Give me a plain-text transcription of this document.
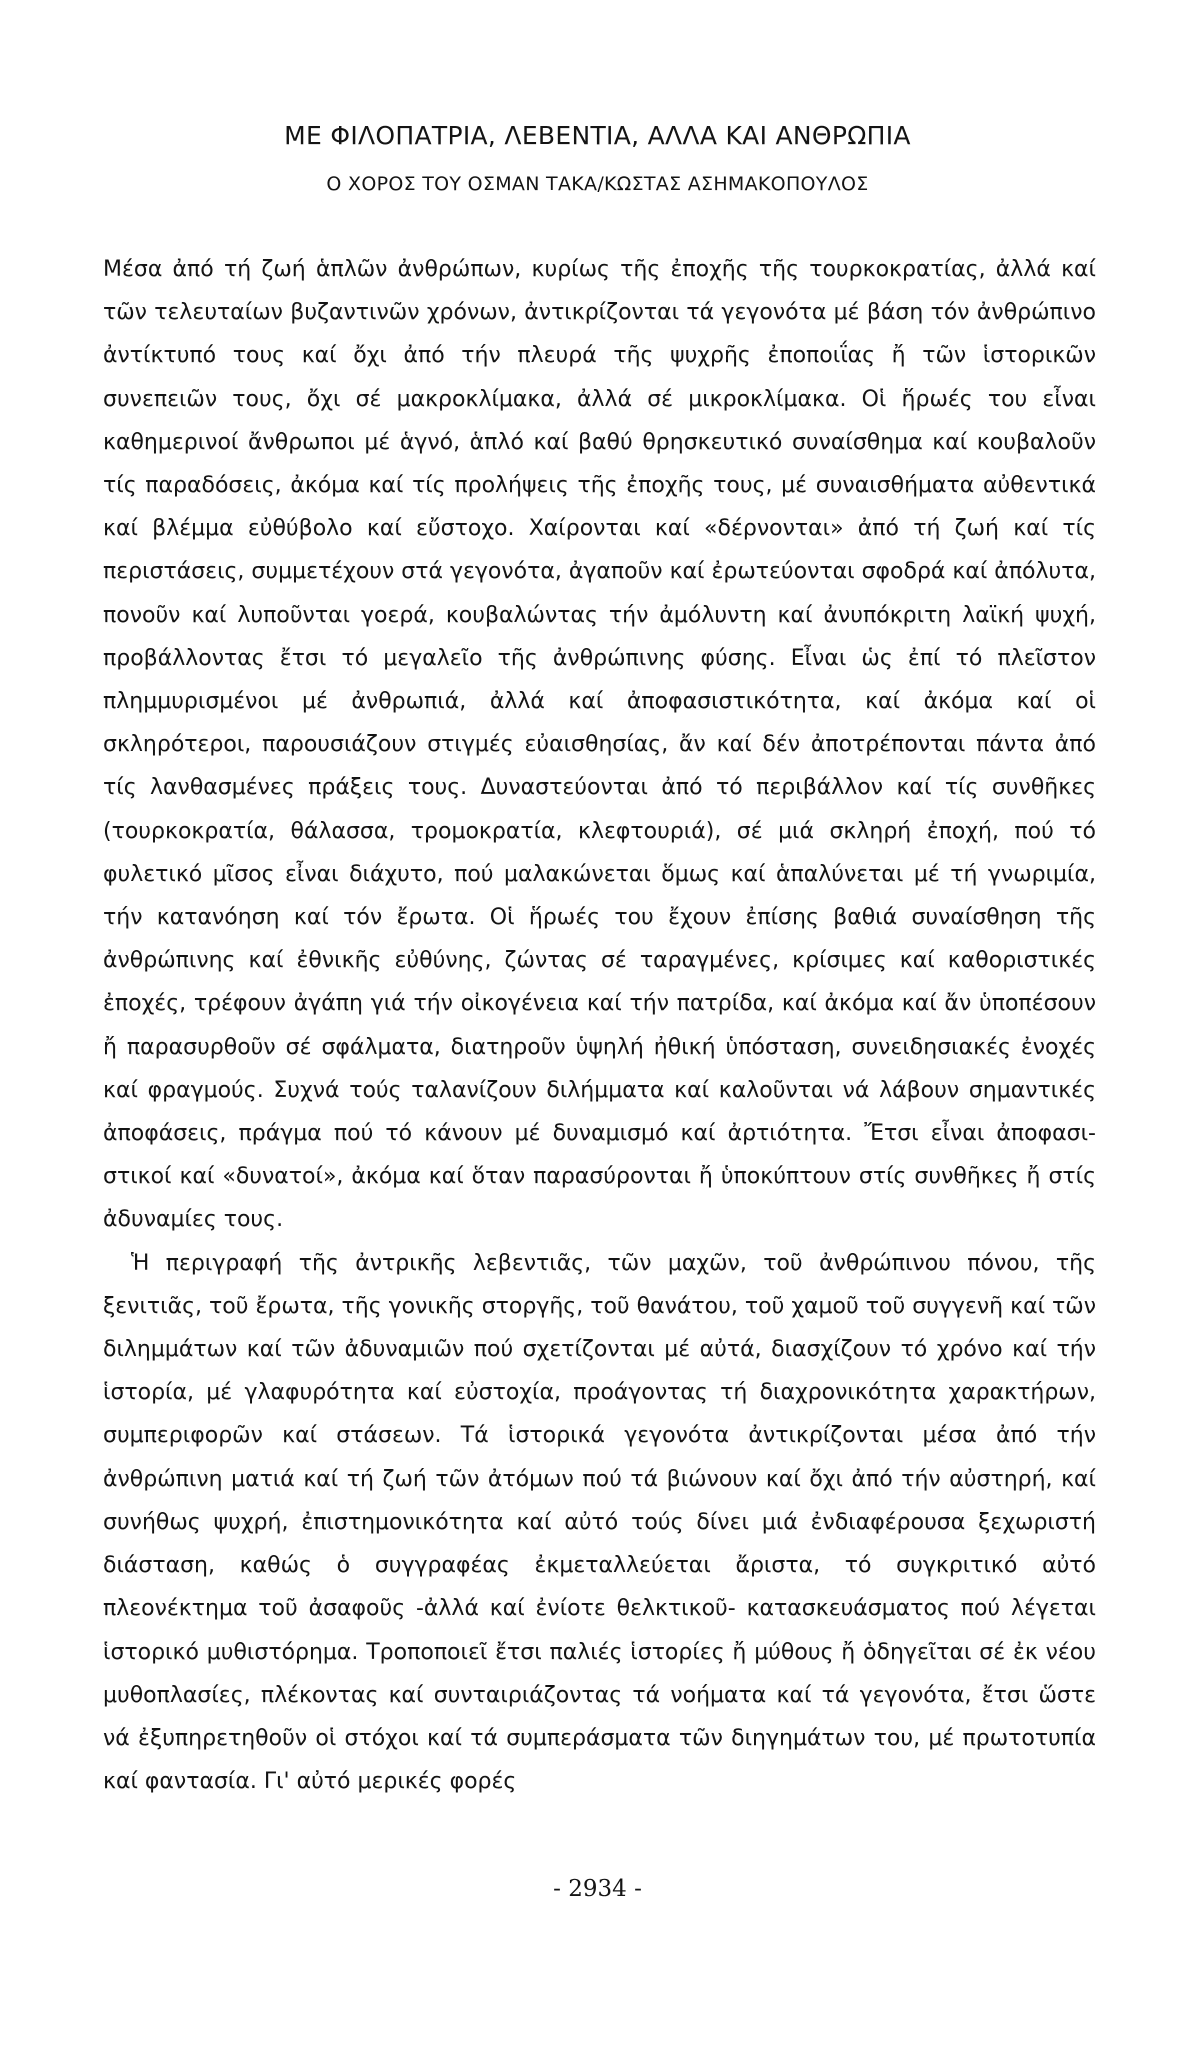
ΜΕ ΦΙΛΟΠΑΤΡΙΑ, ΛΕΒΕΝΤΙΑ, ΑΛΛΑ ΚΑΙ ΑΝΘΡΩΠΙΑ
Ο ΧΟΡΟΣ ΤΟΥ ΟΣΜΑΝ ΤΑΚΑ/ΚΩΣΤΑΣ ΑΣΗΜΑΚΟΠΟΥΛΟΣ

Μέσα ἀπό τή ζωή ἁπλῶν ἀνθρώπων, κυρίως τῆς ἐποχῆς τῆς τουρκοκρατίας, ἀλλά καί τῶν τελευταίων βυζαντινῶν χρόνων, ἀντικρίζονται τά γεγονότα μέ βάση τόν ἀνθρώπινο ἀντίκτυπό τους καί ὄχι ἀπό τήν πλευρά τῆς ψυχρῆς ἐποποιΐας ἤ τῶν ἱστορικῶν συνεπειῶν τους, ὄχι σέ μακροκλίμακα, ἀλλά σέ μικροκλίμακα. Οἱ ἥρωές του εἶναι καθημερινοί ἄνθρωποι μέ ἁγνό, ἁπλό καί βαθύ θρησκευτικό συναίσθημα καί κουβαλοῦν τίς παραδόσεις, ἀκόμα καί τίς προλήψεις τῆς ἐποχῆς τους, μέ συναισθήματα αὐθεντικά καί βλέμμα εὐθύβολο καί εὔστοχο. Χαίρονται καί «δέρνονται» ἀπό τή ζωή καί τίς περιστάσεις, συμμετέχουν στά γεγονότα, ἀγαποῦν καί ἐρωτεύονται σφοδρά καί ἀπόλυτα, πονοῦν καί λυποῦνται γοερά, κουβαλώντας τήν ἀμόλυντη καί ἀνυπόκριτη λαϊκή ψυχή, προβάλλοντας ἔτσι τό μεγαλεῖο τῆς ἀνθρώπινης φύσης. Εἶναι ὡς ἐπί τό πλεῖστον πλημμυρισμένοι μέ ἀνθρωπιά, ἀλλά καί ἀποφασιστικότητα, καί ἀκόμα καί οἱ σκληρότεροι, παρουσιάζουν στιγμές εὐαισθησίας, ἄν καί δέν ἀποτρέπονται πάντα ἀπό τίς λανθασμένες πράξεις τους. Δυναστεύονται ἀπό τό περιβάλλον καί τίς συνθῆκες (τουρκοκρατία, θάλασσα, τρομοκρατία, κλεφτουριά), σέ μιά σκληρή ἐποχή, πού τό φυλετικό μῖσος εἶναι διάχυτο, πού μαλακώνεται ὅμως καί ἁπαλύνεται μέ τή γνωριμία, τήν κατανόηση καί τόν ἔρωτα. Οἱ ἥρωές του ἔχουν ἐπίσης βαθιά συναίσθηση τῆς ἀνθρώπινης καί ἐθνικῆς εὐθύνης, ζώντας σέ ταραγμένες, κρίσιμες καί καθοριστικές ἐποχές, τρέφουν ἀγάπη γιά τήν οἰκογένεια καί τήν πατρίδα, καί ἀκόμα καί ἄν ὑποπέσουν ἤ παρασυρθοῦν σέ σφάλματα, διατηροῦν ὑψηλή ἠθική ὑπόσταση, συνειδησιακές ἐνοχές καί φραγμούς. Συχνά τούς ταλανίζουν διλήμματα καί καλοῦνται νά λάβουν σημαντικές ἀποφάσεις, πράγμα πού τό κάνουν μέ δυναμισμό καί ἀρτιότητα. Ἔτσι εἶναι ἀποφασιστικοί καί «δυνατοί», ἀκόμα καί ὅταν παρασύρονται ἤ ὑποκύπτουν στίς συνθῆκες ἤ στίς ἀδυναμίες τους.

Ἡ περιγραφή τῆς ἀντρικῆς λεβεντιᾶς, τῶν μαχῶν, τοῦ ἀνθρώπινου πόνου, τῆς ξενιτιᾶς, τοῦ ἔρωτα, τῆς γονικῆς στοργῆς, τοῦ θανάτου, τοῦ χαμοῦ τοῦ συγγενῆ καί τῶν διλημμάτων καί τῶν ἀδυναμιῶν πού σχετίζονται μέ αὐτά, διασχίζουν τό χρόνο καί τήν ἱστορία, μέ γλαφυρότητα καί εὐστοχία, προάγοντας τή διαχρονικότητα χαρακτήρων, συμπεριφορῶν καί στάσεων. Τά ἱστορικά γεγονότα ἀντικρίζονται μέσα ἀπό τήν ἀνθρώπινη ματιά καί τή ζωή τῶν ἀτόμων πού τά βιώνουν καί ὄχι ἀπό τήν αὐστηρή, καί συνήθως ψυχρή, ἐπιστημονικότητα καί αὐτό τούς δίνει μιά ἐνδιαφέρουσα ξεχωριστή διάσταση, καθώς ὁ συγγραφέας ἐκμεταλλεύεται ἄριστα, τό συγκριτικό αὐτό πλεονέκτημα τοῦ ἀσαφοῦς -ἀλλά καί ἐνίοτε θελκτικοῦ- κατασκευάσματος πού λέγεται ἱστορικό μυθιστόρημα. Τροποποιεῖ ἔτσι παλιές ἱστορίες ἤ μύθους ἤ ὁδηγεῖται σέ ἐκ νέου μυθοπλασίες, πλέκοντας καί συνταιριάζοντας τά νοήματα καί τά γεγονότα, ἔτσι ὥστε νά ἐξυπηρετηθοῦν οἱ στόχοι καί τά συμπεράσματα τῶν διηγημάτων του, μέ πρωτοτυπία καί φαντασία. Γι' αὐτό μερικές φορές

- 2934 -
